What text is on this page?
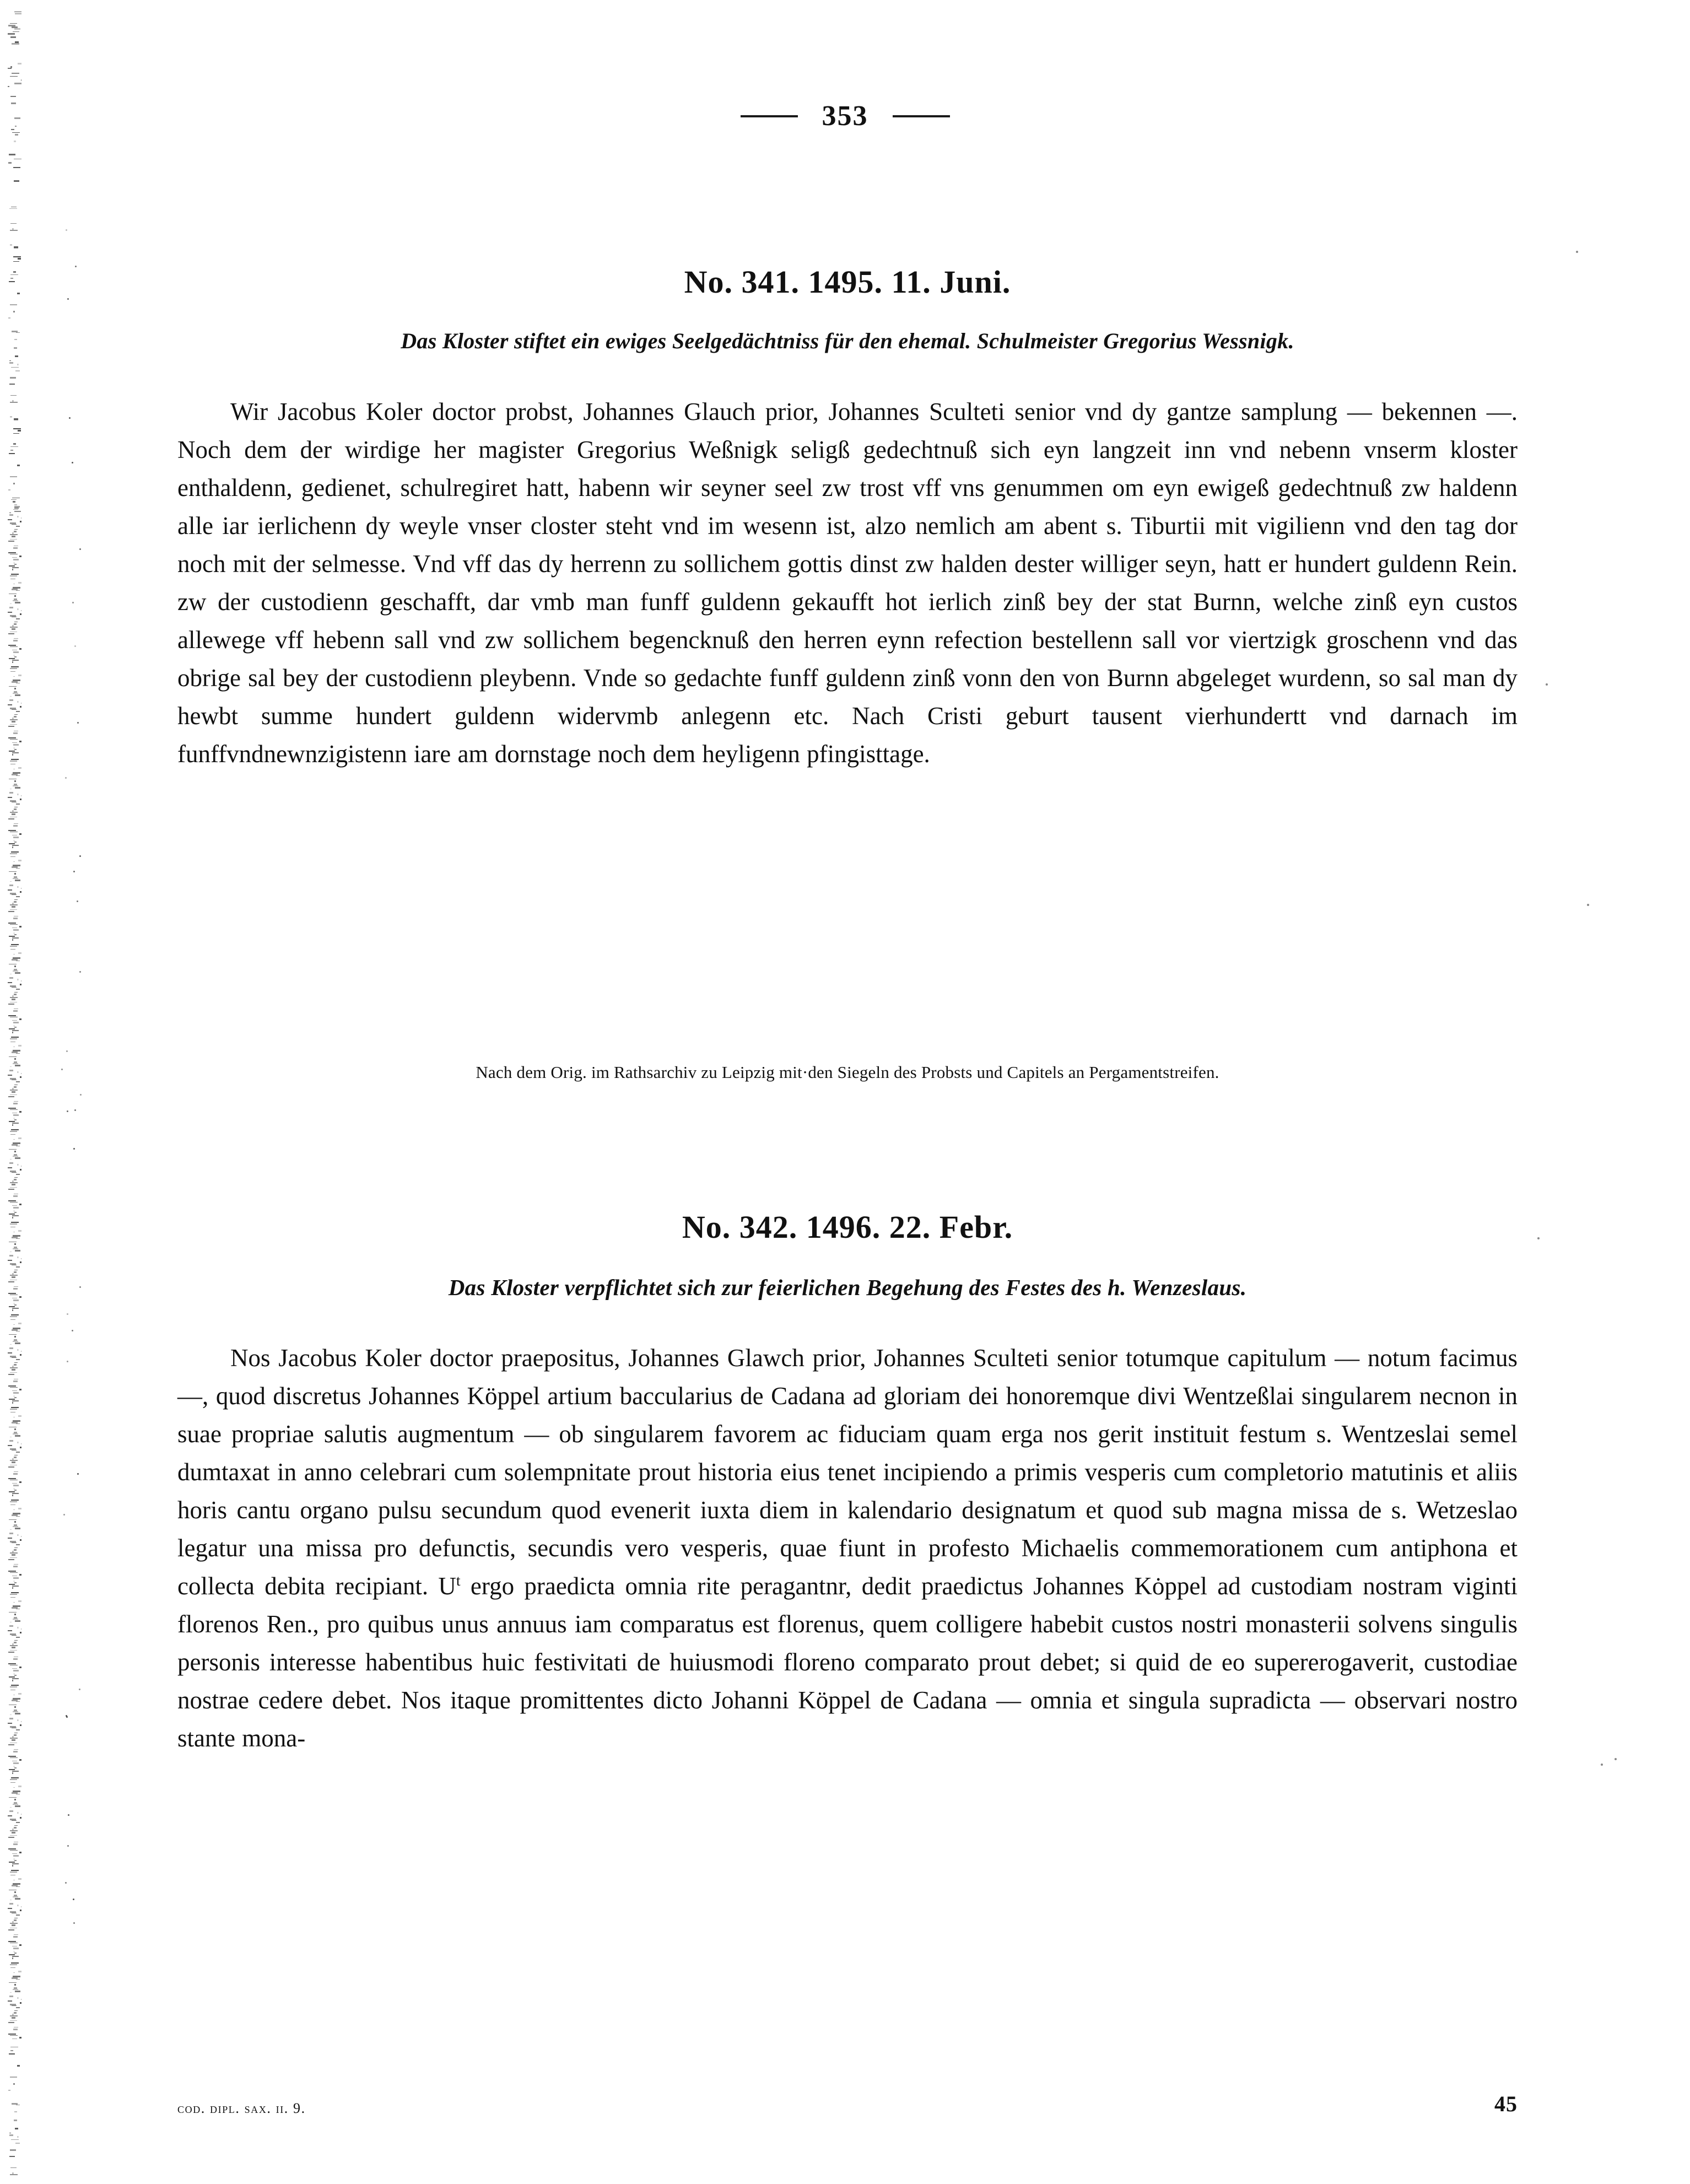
353
No. 341. 1495. 11. Juni.

Das Kloster stiftet ein ewiges Seelgedächtniss für den ehemal. Schulmeister Gregorius Wessnigk.

Wir Jacobus Koler doctor probst, Johannes Glauch prior, Johannes Sculteti senior vnd dy gantze samplung — bekennen —. Noch dem der wirdige her magister Gregorius Weßnigk seligß gedechtnuß sich eyn langzeit inn vnd nebenn vnserm kloster enthaldenn, gedienet, schulregiret hatt, habenn wir seyner seel zw trost vff vns genummen om eyn ewigeß gedechtnuß zw haldenn alle iar ierlichenn dy weyle vnser closter steht vnd im wesenn ist, alzo nemlich am abent s. Tiburtii mit vigilienn vnd den tag dor noch mit der selmesse. Vnd vff das dy herrenn zu sollichem gottis dinst zw halden dester williger seyn, hatt er hundert guldenn Rein. zw der custodienn geschafft, dar vmb man funff guldenn gekaufft hot ierlich zinß bey der stat Burnn, welche zinß eyn custos allewege vff hebenn sall vnd zw sollichem begencknuß den herren eynn refection bestellenn sall vor viertzigk groschenn vnd das obrige sal bey der custodienn pleybenn. Vnde so gedachte funff guldenn zinß vonn den von Burnn abgeleget wurdenn, so sal man dy hewbt summe hundert guldenn widervmb anlegenn etc. Nach Cristi geburt tausent vierhundertt vnd darnach im funffvndnewnzigistenn iare am dornstage noch dem heyligenn pfingisttage.

Nach dem Orig. im Rathsarchiv zu Leipzig mit·den Siegeln des Probsts und Capitels an Pergamentstreifen.

No. 342. 1496. 22. Febr.

Das Kloster verpflichtet sich zur feierlichen Begehung des Festes des h. Wenzeslaus.

Nos Jacobus Koler doctor praepositus, Johannes Glawch prior, Johannes Sculteti senior totumque capitulum — notum facimus —, quod discretus Johannes Köppel artium baccularius de Cadana ad gloriam dei honoremque divi Wentzeßlai singularem necnon in suae propriae salutis augmentum — ob singularem favorem ac fiduciam quam erga nos gerit instituit festum s. Wentzeslai semel dumtaxat in anno celebrari cum solempnitate prout historia eius tenet incipiendo a primis vesperis cum completorio matutinis et aliis horis cantu organo pulsu secundum quod evenerit iuxta diem in kalendario designatum et quod sub magna missa de s. Wetzeslao legatur una missa pro defunctis, secundis vero vesperis, quae fiunt in profesto Michaelis commemorationem cum antiphona et collecta debita recipiant. $U^t$ ergo praedicta omnia rite peragantnr, dedit praedictus Johannes Kȯppel ad custodiam nostram viginti florenos Ren., pro quibus unus annuus iam comparatus est florenus, quem colligere habebit custos nostri monasterii solvens singulis personis interesse habentibus huic festivitati de huiusmodi floreno comparato prout debet; si quid de eo supererogaverit, custodiae nostrae cedere debet. Nos itaque promittentes dicto Johanni Köppel de Cadana — omnia et singula supradicta — observari nostro stante mona-

cod. dipl. sax. ii. 9.	45
